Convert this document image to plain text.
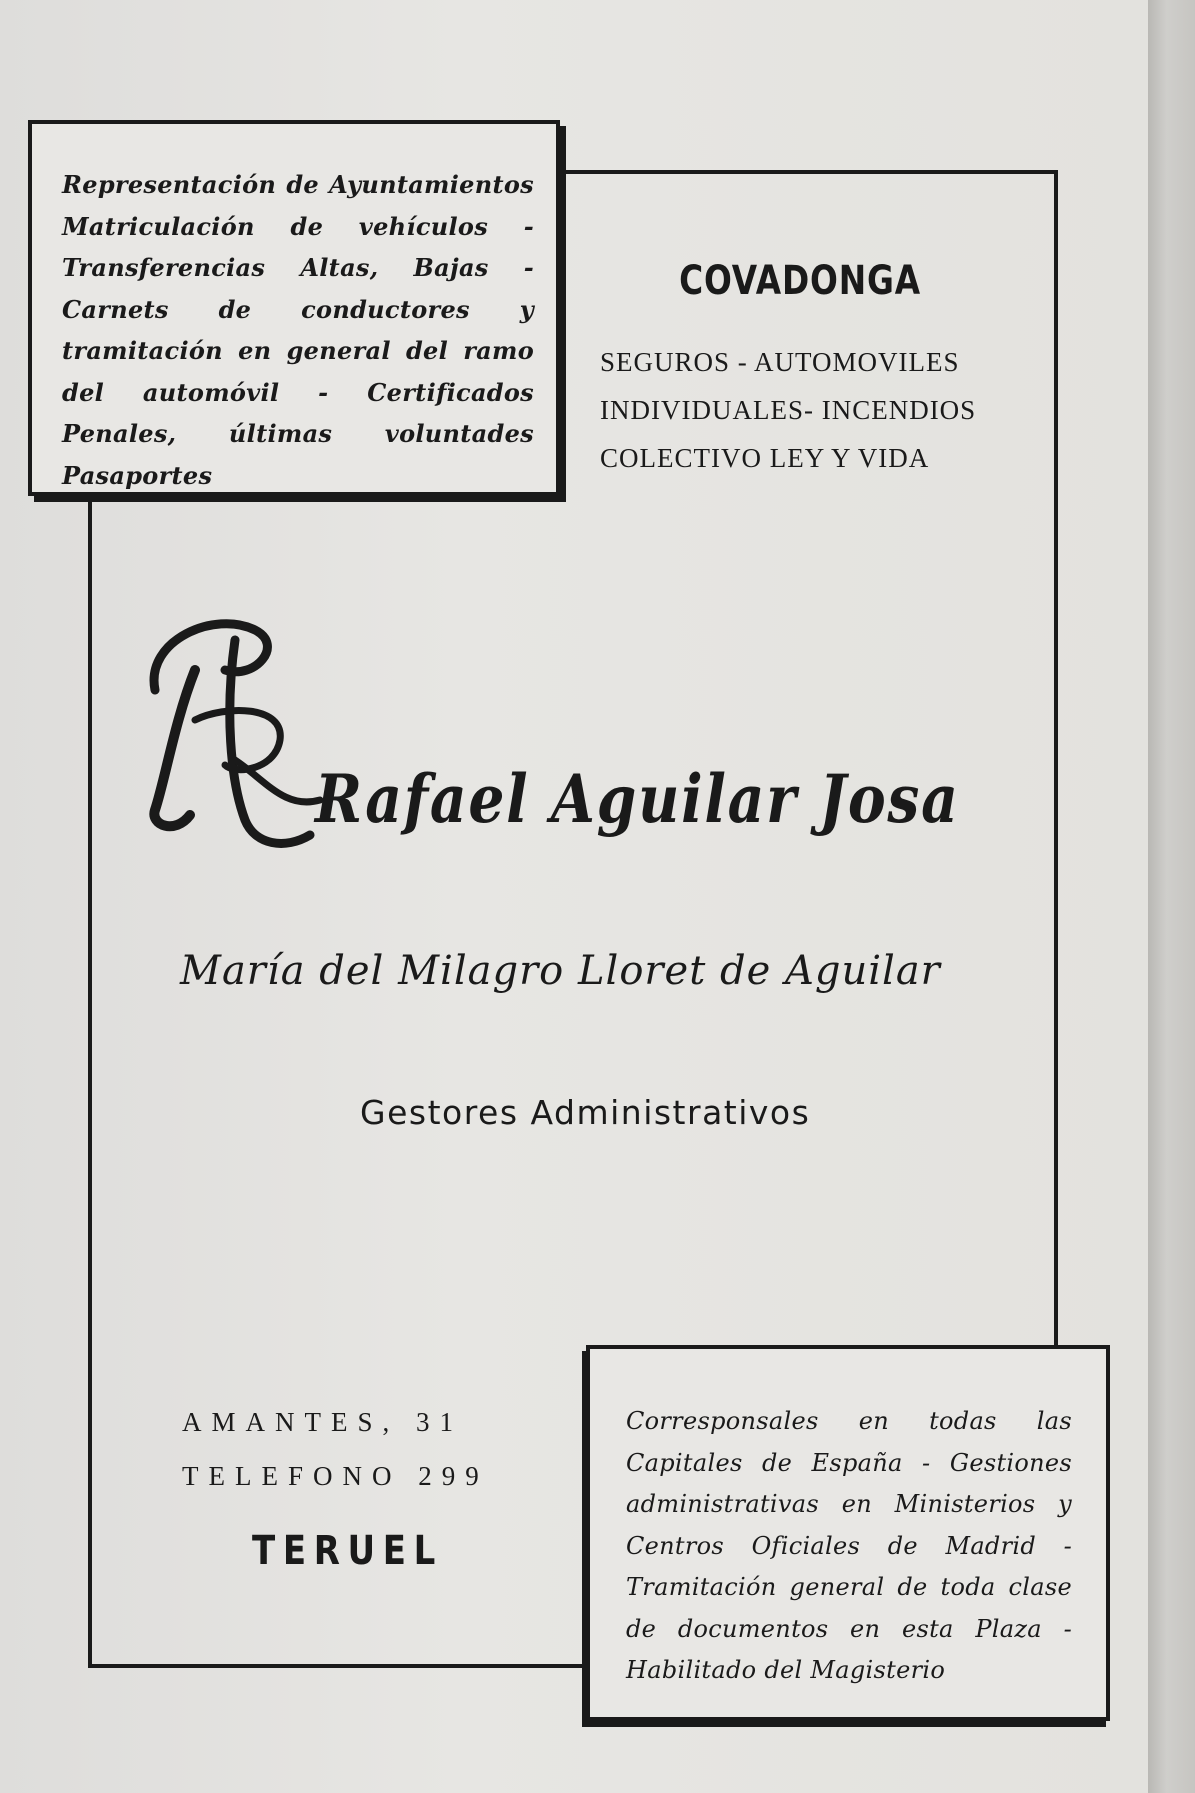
Representación de Ayuntamientos Matriculación de vehículos - Transferencias Altas, Bajas - Carnets de conductores y tramitación en general del ramo del automóvil - Certificados Penales, últimas voluntades Pasaportes

COVADONGA
SEGUROS - AUTOMOVILES
INDIVIDUALES- INCENDIOS
COLECTIVO LEY Y VIDA
Rafael Aguilar Josa
María del Milagro Lloret de Aguilar
Gestores Administrativos
AMANTES, 31
TELEFONO 299
TERUEL

Corresponsales en todas las Capitales de España - Gestiones administrativas en Ministerios y Centros Oficiales de Madrid - Tramitación general de toda clase de documentos en esta Plaza - Habilitado del Magisterio
